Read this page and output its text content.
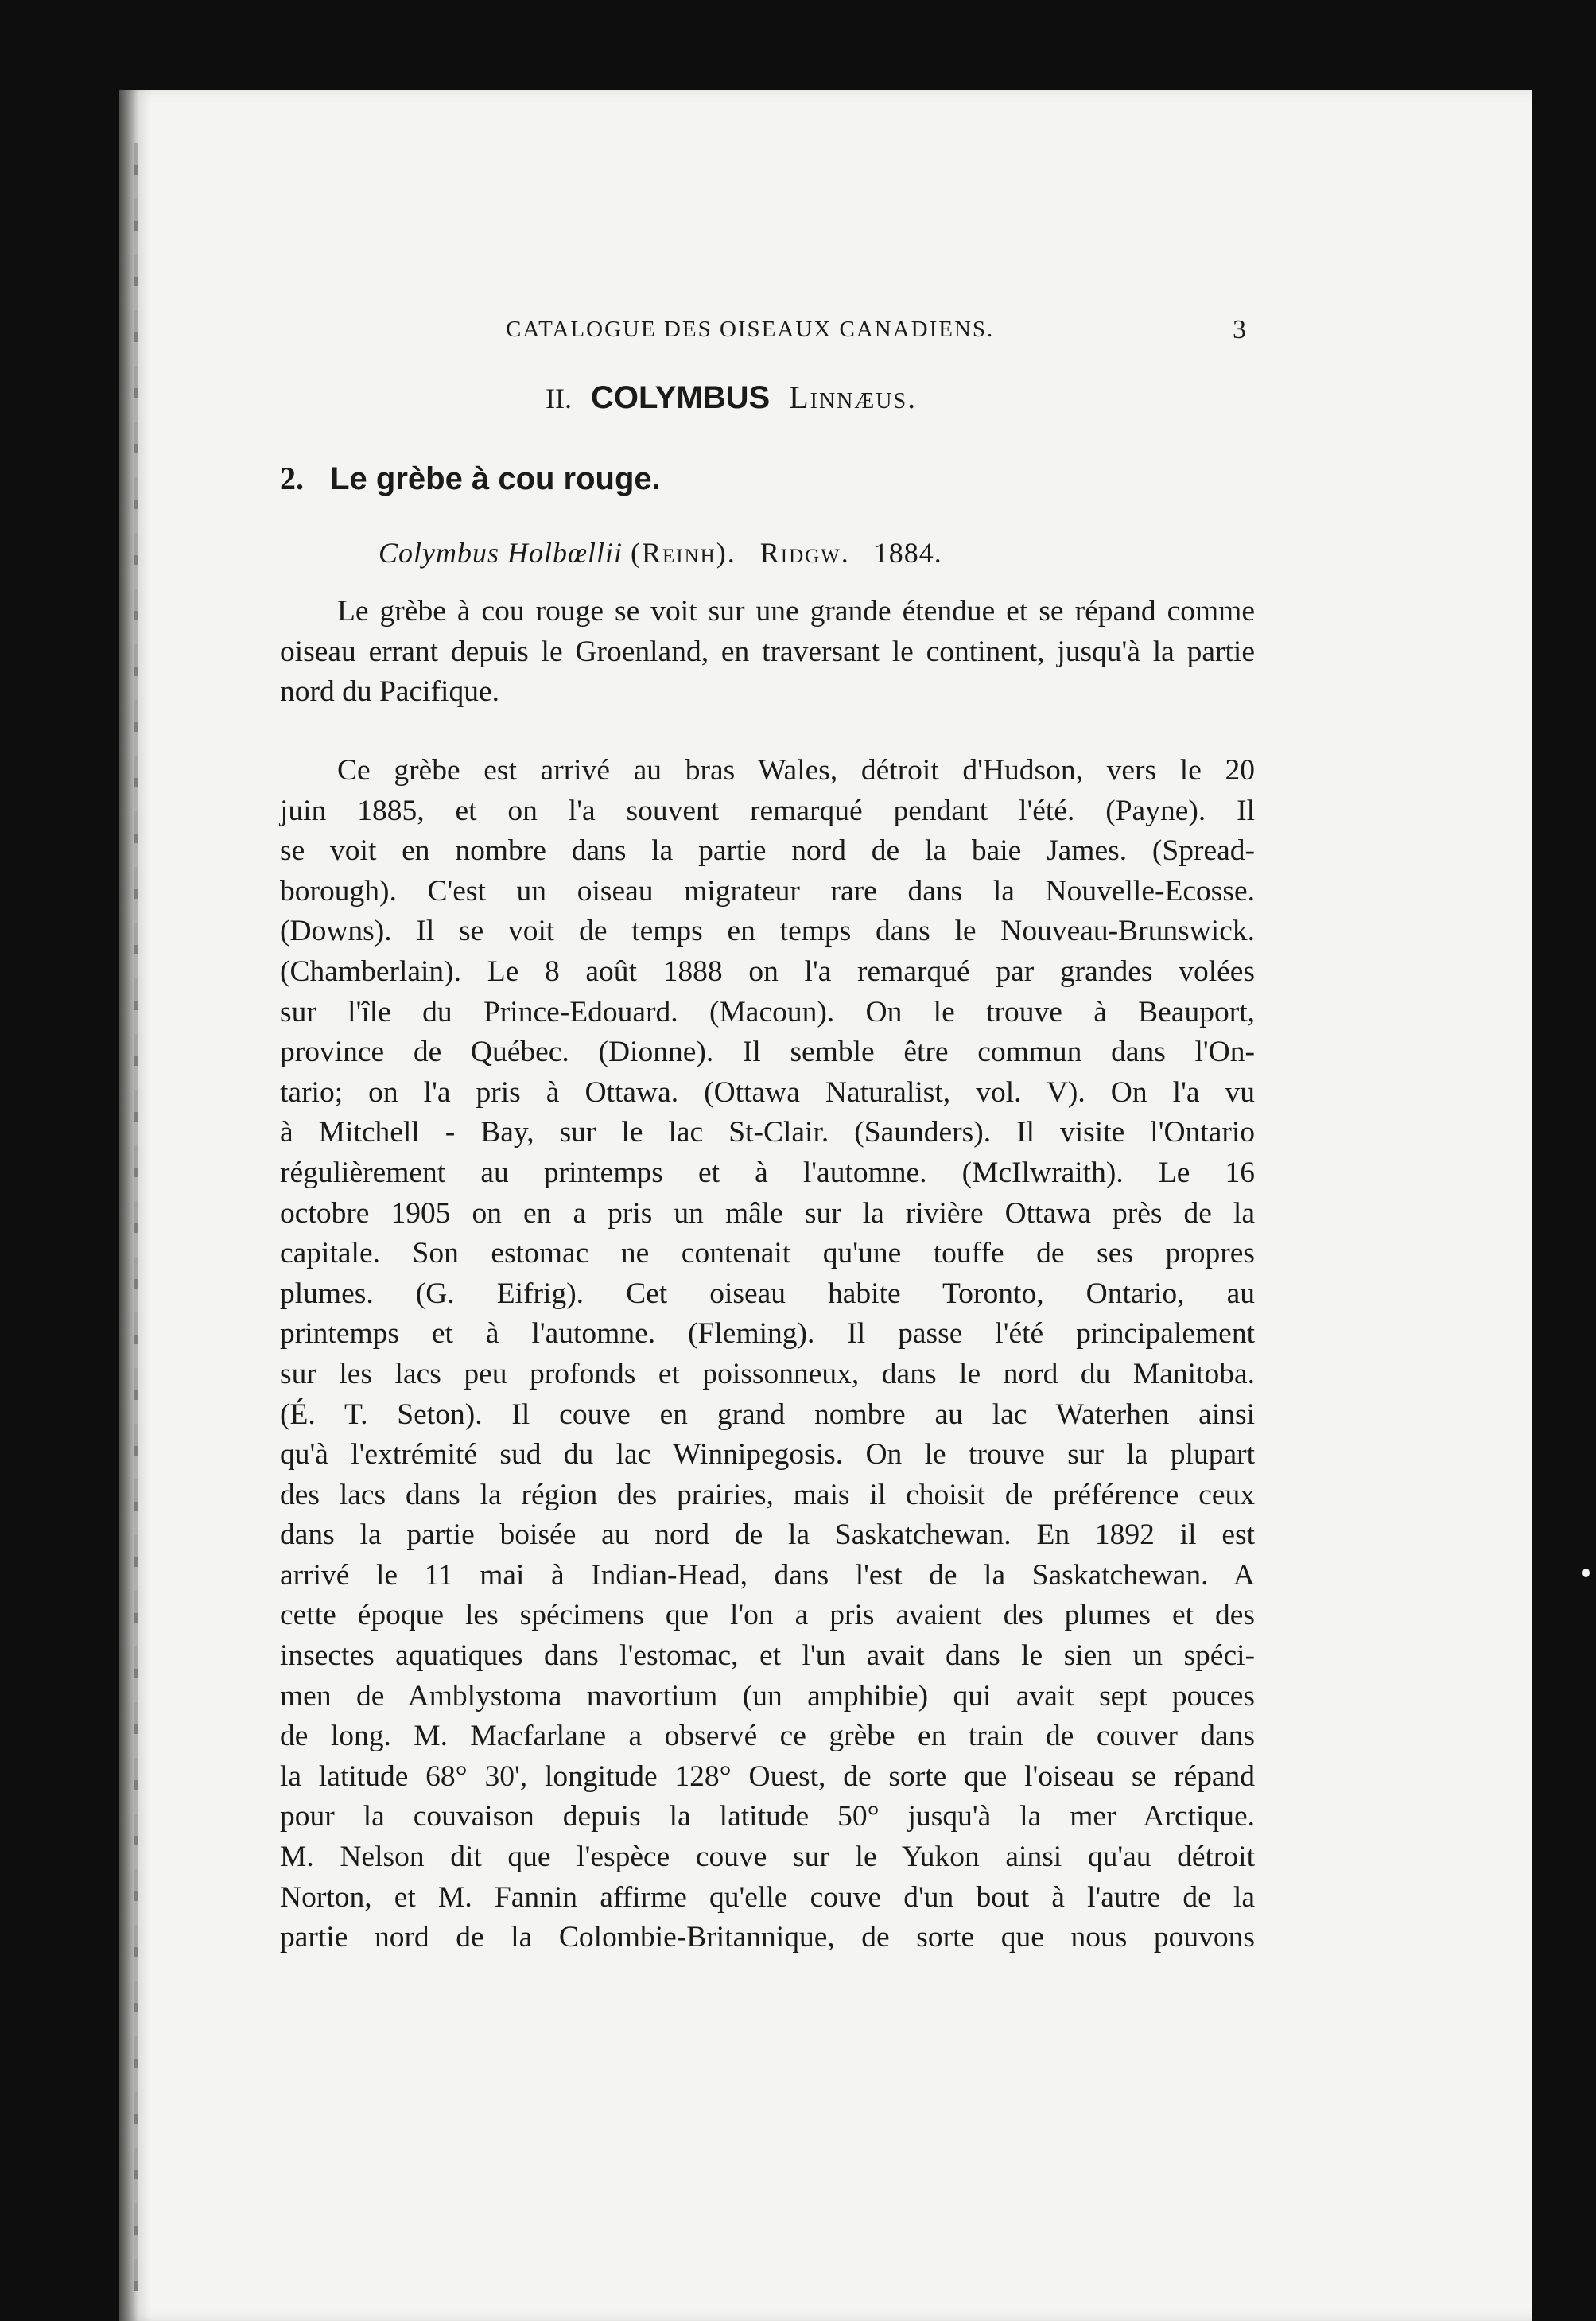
CATALOGUE DES OISEAUX CANADIENS.	3
II. COLYMBUS Linnæus.
2. Le grèbe à cou rouge.
Colymbus Holbœllii (Reinh). Ridgw. 1884.

Le grèbe à cou rouge se voit sur une grande étendue et se répand comme oiseau errant depuis le Groenland, en traversant le continent, jusqu'à la partie nord du Pacifique.

Ce grèbe est arrivé au bras Wales, détroit d'Hudson, vers le 20
juin 1885, et on l'a souvent remarqué pendant l'été. (Payne). Il
se voit en nombre dans la partie nord de la baie James. (Spread-
borough). C'est un oiseau migrateur rare dans la Nouvelle-Ecosse.
(Downs). Il se voit de temps en temps dans le Nouveau-Brunswick.
(Chamberlain). Le 8 août 1888 on l'a remarqué par grandes volées
sur l'île du Prince-Edouard. (Macoun). On le trouve à Beauport,
province de Québec. (Dionne). Il semble être commun dans l'On-
tario; on l'a pris à Ottawa. (Ottawa Naturalist, vol. V). On l'a vu
à Mitchell - Bay, sur le lac St-Clair. (Saunders). Il visite l'Ontario
régulièrement au printemps et à l'automne. (McIlwraith). Le 16
octobre 1905 on en a pris un mâle sur la rivière Ottawa près de la
capitale. Son estomac ne contenait qu'une touffe de ses propres
plumes. (G. Eifrig). Cet oiseau habite Toronto, Ontario, au
printemps et à l'automne. (Fleming). Il passe l'été principalement
sur les lacs peu profonds et poissonneux, dans le nord du Manitoba.
(É. T. Seton). Il couve en grand nombre au lac Waterhen ainsi
qu'à l'extrémité sud du lac Winnipegosis. On le trouve sur la plupart
des lacs dans la région des prairies, mais il choisit de préférence ceux
dans la partie boisée au nord de la Saskatchewan. En 1892 il est
arrivé le 11 mai à Indian-Head, dans l'est de la Saskatchewan. A
cette époque les spécimens que l'on a pris avaient des plumes et des
insectes aquatiques dans l'estomac, et l'un avait dans le sien un spéci-
men de Amblystoma mavortium (un amphibie) qui avait sept pouces
de long. M. Macfarlane a observé ce grèbe en train de couver dans
la latitude 68° 30', longitude 128° Ouest, de sorte que l'oiseau se répand
pour la couvaison depuis la latitude 50° jusqu'à la mer Arctique.
M. Nelson dit que l'espèce couve sur le Yukon ainsi qu'au détroit
Norton, et M. Fannin affirme qu'elle couve d'un bout à l'autre de la
partie nord de la Colombie-Britannique, de sorte que nous pouvons
